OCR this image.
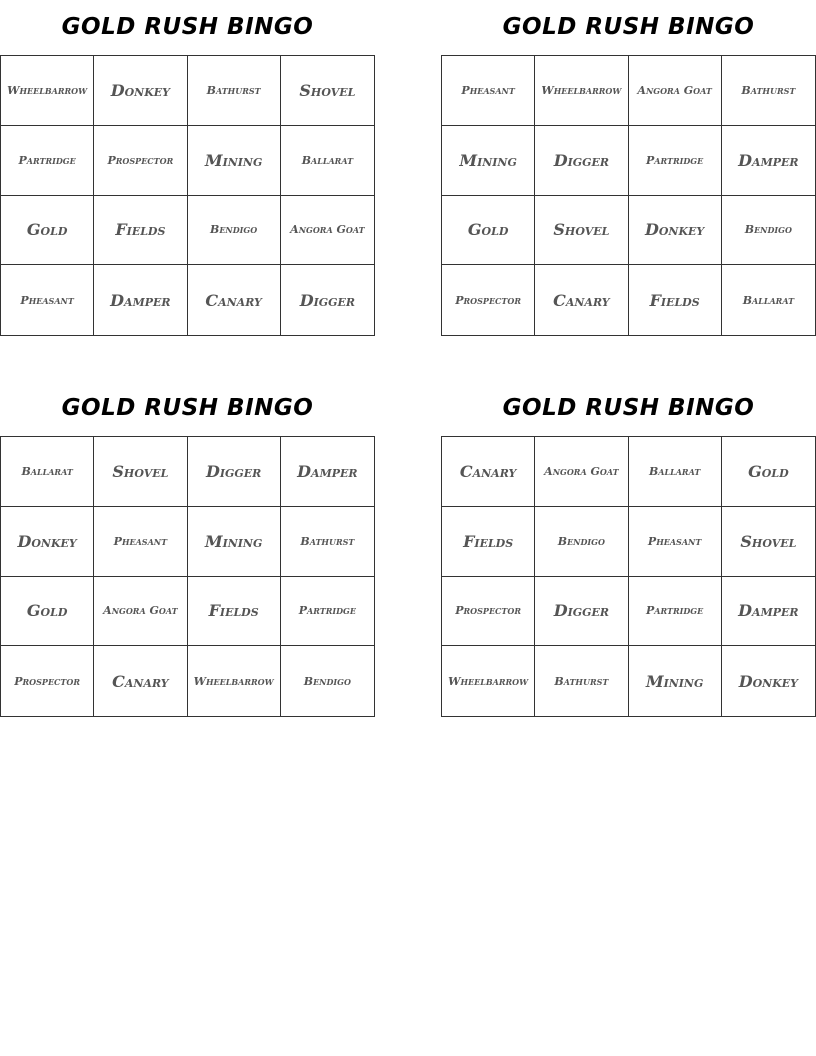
GOLD RUSH BINGO
Wheelbarrow	Donkey	Bathurst	Shovel
Partridge	Prospector	Mining	Ballarat
Gold	Fields	Bendigo	Angora Goat
Pheasant	Damper	Canary	Digger
GOLD RUSH BINGO
Pheasant	Wheelbarrow	Angora Goat	Bathurst
Mining	Digger	Partridge	Damper
Gold	Shovel	Donkey	Bendigo
Prospector	Canary	Fields	Ballarat
GOLD RUSH BINGO
Ballarat	Shovel	Digger	Damper
Donkey	Pheasant	Mining	Bathurst
Gold	Angora Goat	Fields	Partridge
Prospector	Canary	Wheelbarrow	Bendigo
GOLD RUSH BINGO
Canary	Angora Goat	Ballarat	Gold
Fields	Bendigo	Pheasant	Shovel
Prospector	Digger	Partridge	Damper
Wheelbarrow	Bathurst	Mining	Donkey
